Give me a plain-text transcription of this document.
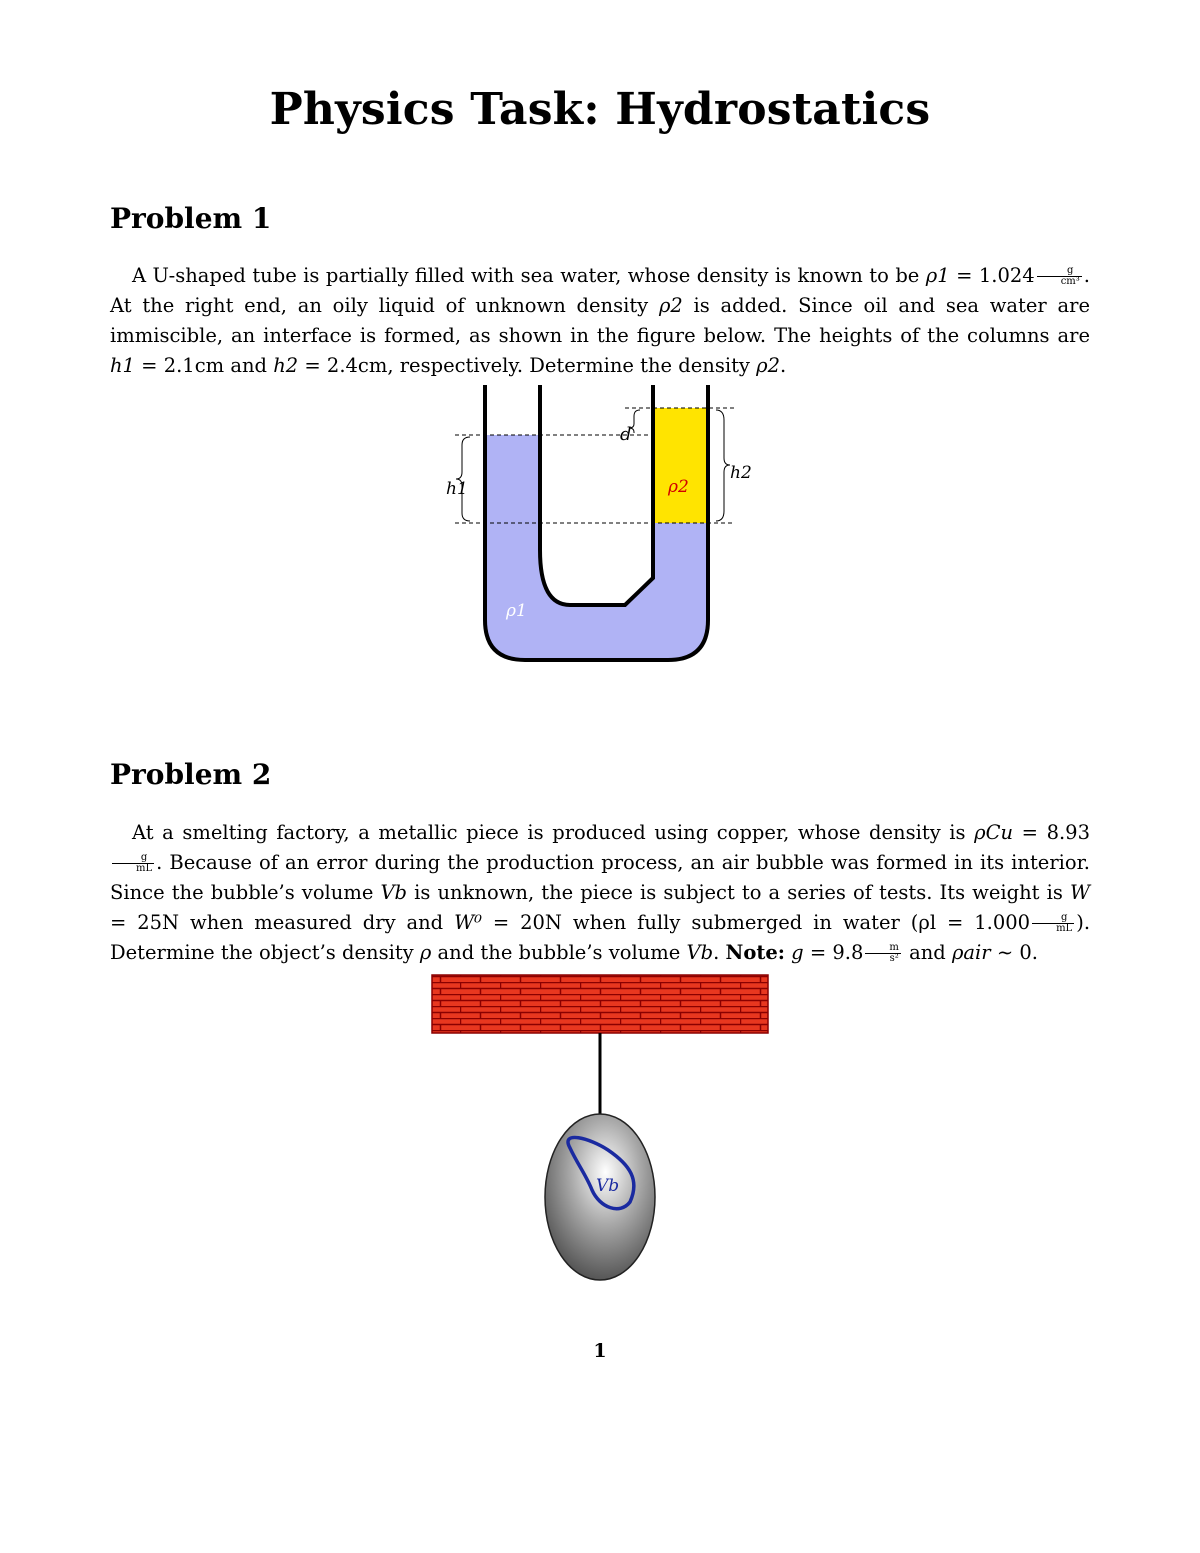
Physics Task: Hydrostatics
Problem 1
A U-shaped tube is partially filled with sea water, whose density is known to be $\rho 1 = 1.024 \frac{g}{\text{cm³}}$ . At the right end, an oily liquid of unknown density ρ2 is added. Since oil and sea water are immiscible, an interface is formed, as shown in the figure below. The heights of the columns are h1 = 2.1cm and h2 = 2.4cm, respectively. Determine the density ρ2.
d
h1
h2
ρ2
ρ1
Problem 2
At a smelting factory, a metallic piece is produced using copper, whose density is ρCu = 8.93
$\frac{g}{mL}$ . Because of an error during the production process, an air bubble was formed in its interior. Since the bubble’s volume Vb is unknown, the piece is subject to a series of tests. Its weight is W = 25N when measured dry and W⁰ = 20N when fully submerged in water ($\rho l = 1.000 \frac{g}{mL}$ ). Determine the object’s density ρ and the bubble’s volume Vb. Note: $g = 9.8 \frac{m}{\text{s²}}$ and ρair ∼ 0.
Vb
1
